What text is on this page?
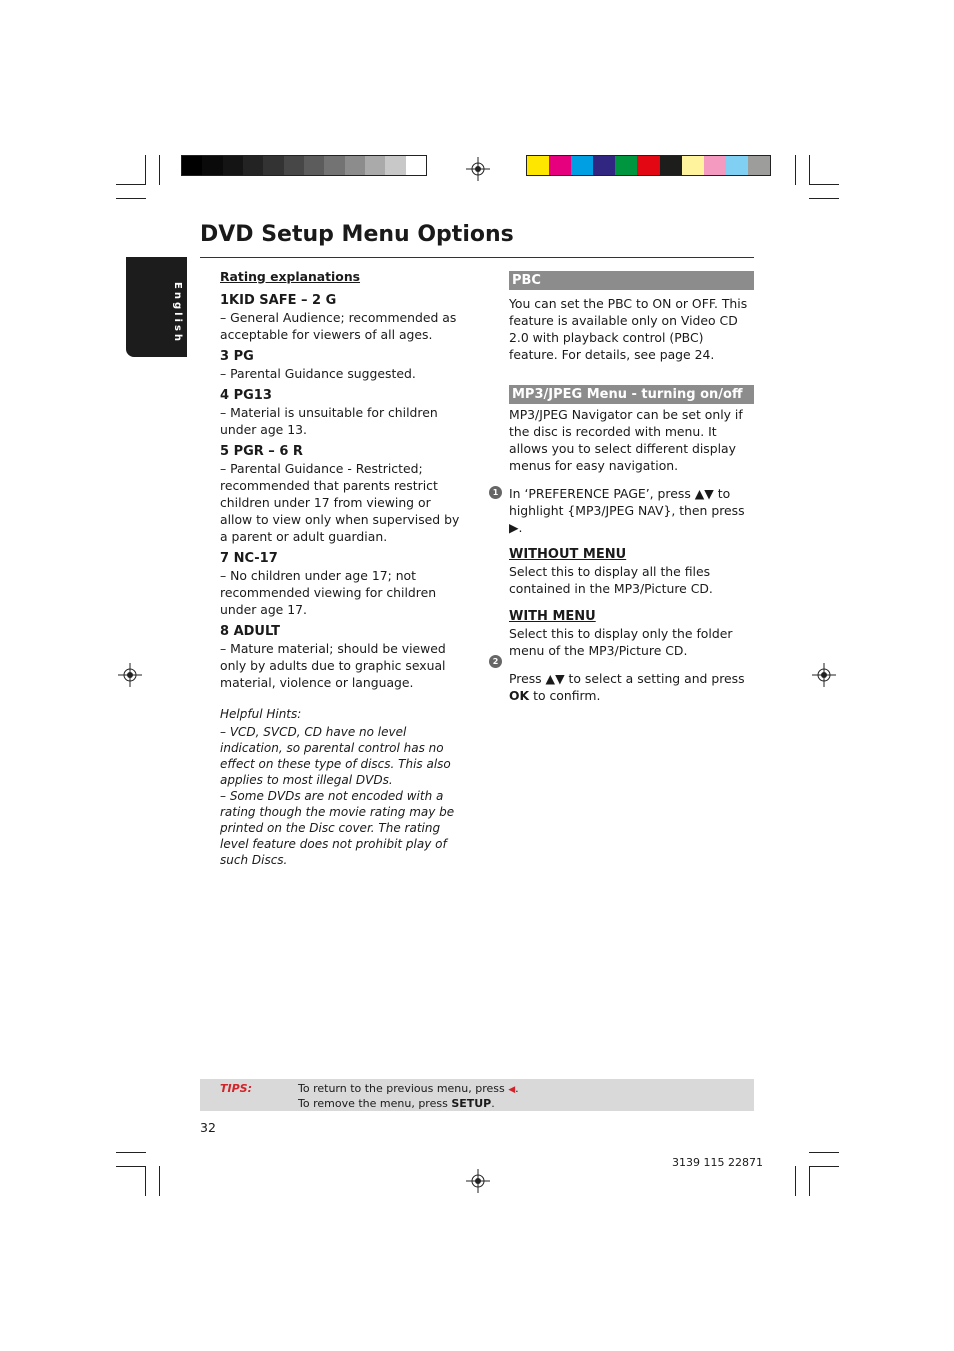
DVD Setup Menu Options
English

Rating explanations

1KID SAFE – 2 G

– General Audience; recommended as acceptable for viewers of all ages.

3 PG

– Parental Guidance suggested.

4 PG13

– Material is unsuitable for children under age 13.

5 PGR – 6 R

– Parental Guidance - Restricted; recommended that parents restrict children under 17 from viewing or allow to view only when supervised by a parent or adult guardian.

7 NC-17

– No children under age 17; not recommended viewing for children under age 17.

8 ADULT

– Mature material; should be viewed only by adults due to graphic sexual material, violence or language.

Helpful Hints:

– VCD, SVCD, CD have no level indication, so parental control has no effect on these type of discs. This also applies to most illegal DVDs.

– Some DVDs are not encoded with a rating though the movie rating may be printed on the Disc cover. The rating level feature does not prohibit play of such Discs.

PBC

You can set the PBC to ON or OFF. This feature is available only on Video CD 2.0 with playback control (PBC) feature. For details, see page 24.

MP3/JPEG Menu - turning on/off

MP3/JPEG Navigator can be set only if the disc is recorded with menu. It allows you to select different display menus for easy navigation.

In ‘PREFERENCE PAGE’, press ▲▼ to highlight {MP3/JPEG NAV}, then press ▶.

WITHOUT MENU

Select this to display all the files contained in the MP3/Picture CD.

WITH MENU

Select this to display only the folder menu of the MP3/Picture CD.

Press ▲▼ to select a setting and press OK to confirm.

1
2
TIPS:	To return to the previous menu, press ◀.
To remove the menu, press SETUP.
32
3139 115 22871
